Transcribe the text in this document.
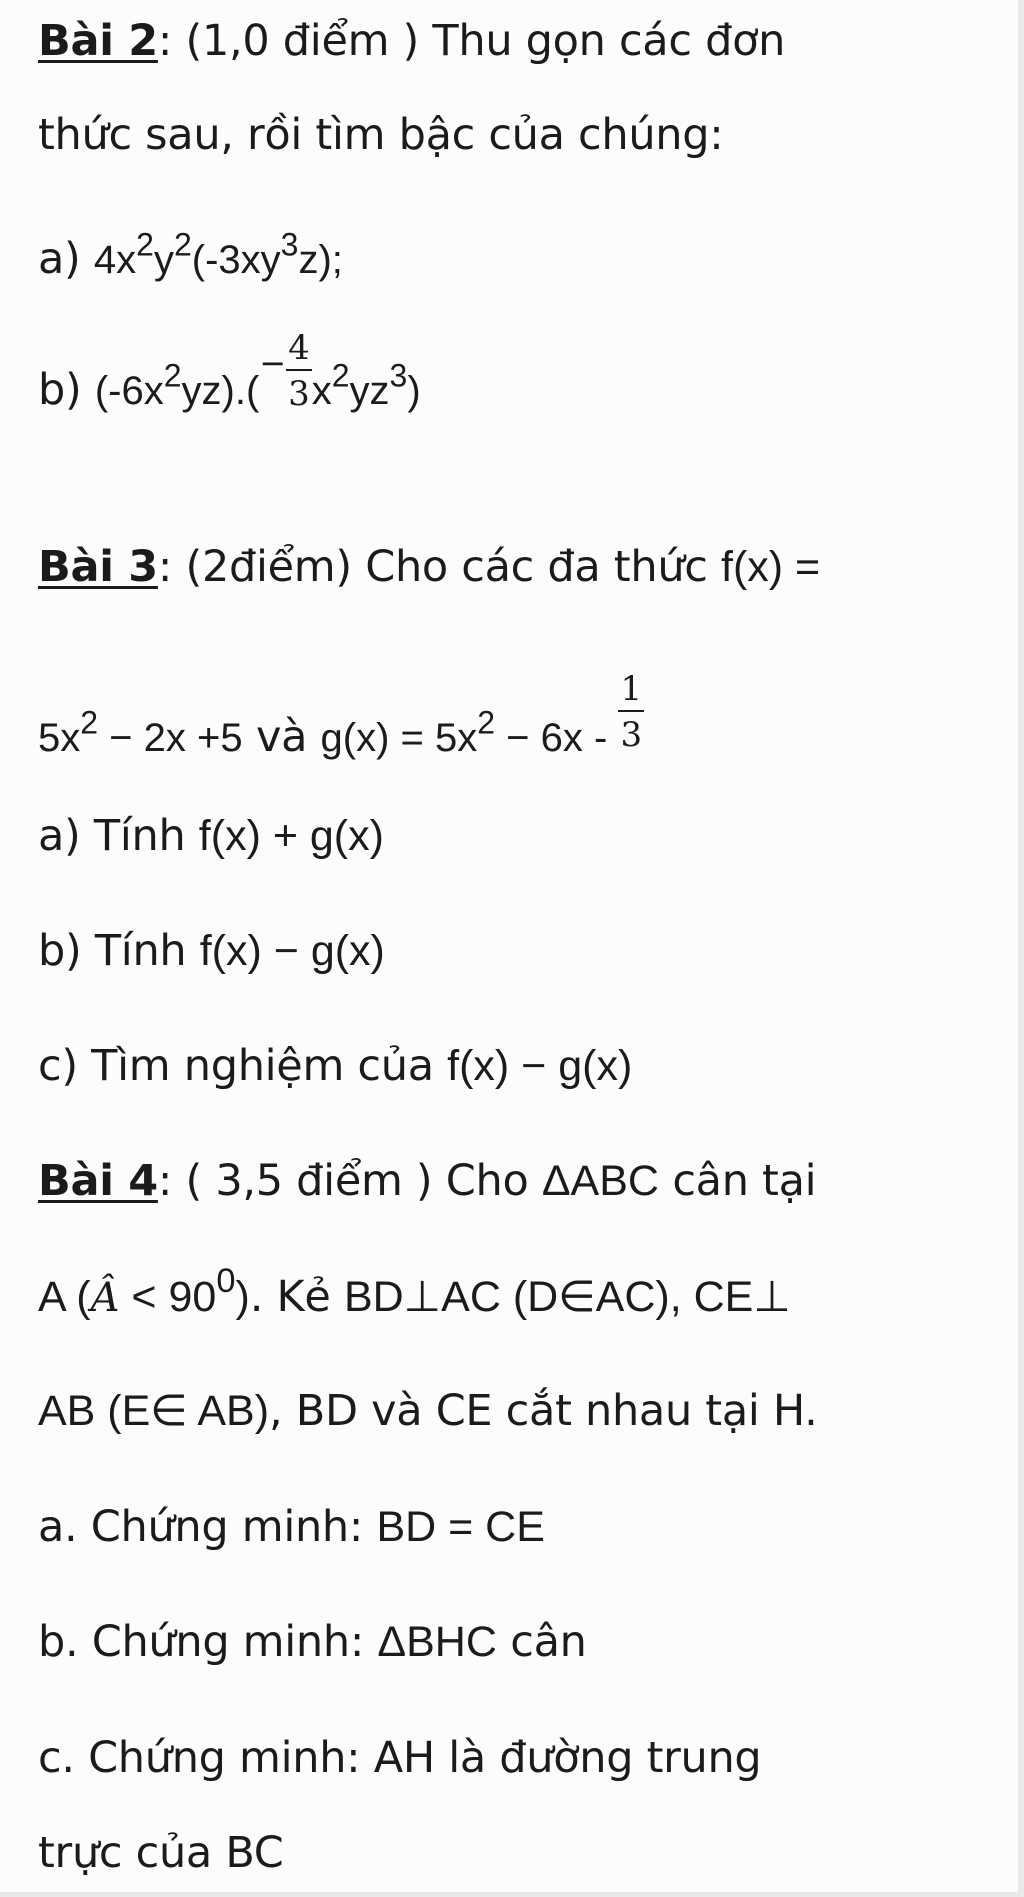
Bài 2: (1,0 điểm ) Thu gọn các đơn
thức sau, rồi tìm bậc của chúng:
a) $4x^2y^2(-3xy^3z)$;
b) $(-6x^2yz).(^- \frac{4}{3} x^2yz^3)$
Bài 3: (2điểm) Cho các đa thức f(x) =
$5x^2 - 2x +5$ và $g(x) = 5x^2 - 6x - \frac{1}{3}$
a) Tính f(x) + g(x)
b) Tính f(x) − g(x)
c) Tìm nghiệm của f(x) − g(x)
Bài 4: ( 3,5 điểm ) Cho ΔABC cân tại
A (Â < $90^0$). Kẻ BD⊥AC (D∈AC), CE⊥
AB (E∈ AB), BD và CE cắt nhau tại H.
a. Chứng minh: BD = CE
b. Chứng minh: ΔBHC cân
c. Chứng minh: AH là đường trung
trực của BC
